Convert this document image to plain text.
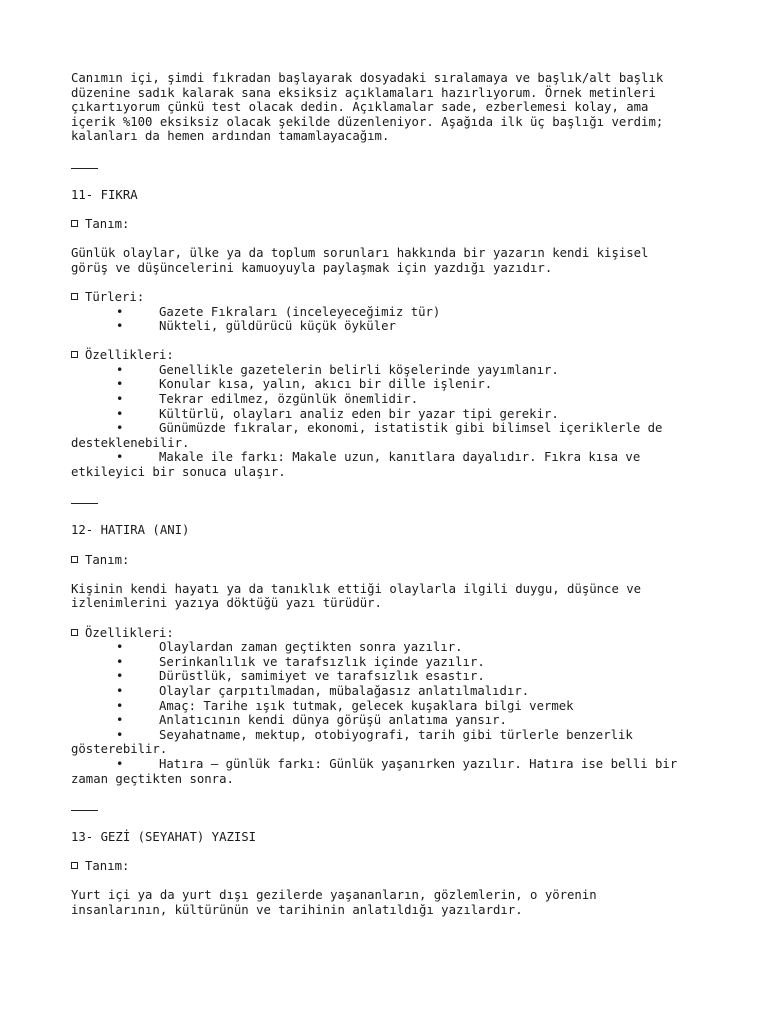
Canımın içi, şimdi fıkradan başlayarak dosyadaki sıralamaya ve başlık/alt başlık
düzenine sadık kalarak sana eksiksiz açıklamaları hazırlıyorum. Örnek metinleri
çıkartıyorum çünkü test olacak dedin. Açıklamalar sade, ezberlemesi kolay, ama
içerik %100 eksiksiz olacak şekilde düzenleniyor. Aşağıda ilk üç başlığı verdim;
kalanları da hemen ardından tamamlayacağım.
11- FIKRA
Tanım:
Günlük olaylar, ülke ya da toplum sorunları hakkında bir yazarın kendi kişisel
görüş ve düşüncelerini kamuoyuyla paylaşmak için yazdığı yazıdır.
Türleri:
•	Gazete Fıkraları (inceleyeceğimiz tür)
•	Nükteli, güldürücü küçük öyküler
Özellikleri:
•	Genellikle gazetelerin belirli köşelerinde yayımlanır.
•	Konular kısa, yalın, akıcı bir dille işlenir.
•	Tekrar edilmez, özgünlük önemlidir.
•	Kültürlü, olayları analiz eden bir yazar tipi gerekir.
•	Günümüzde fıkralar, ekonomi, istatistik gibi bilimsel içeriklerle de
desteklenebilir.
•	Makale ile farkı: Makale uzun, kanıtlara dayalıdır. Fıkra kısa ve
etkileyici bir sonuca ulaşır.
12- HATIRA (ANI)
Tanım:
Kişinin kendi hayatı ya da tanıklık ettiği olaylarla ilgili duygu, düşünce ve
izlenimlerini yazıya döktüğü yazı türüdür.
Özellikleri:
•	Olaylardan zaman geçtikten sonra yazılır.
•	Serinkanlılık ve tarafsızlık içinde yazılır.
•	Dürüstlük, samimiyet ve tarafsızlık esastır.
•	Olaylar çarpıtılmadan, mübalağasız anlatılmalıdır.
•	Amaç: Tarihe ışık tutmak, gelecek kuşaklara bilgi vermek
•	Anlatıcının kendi dünya görüşü anlatıma yansır.
•	Seyahatname, mektup, otobiyografi, tarih gibi türlerle benzerlik
gösterebilir.
•	Hatıra – günlük farkı: Günlük yaşanırken yazılır. Hatıra ise belli bir
zaman geçtikten sonra.
13- GEZİ (SEYAHAT) YAZISI
Tanım:
Yurt içi ya da yurt dışı gezilerde yaşananların, gözlemlerin, o yörenin
insanlarının, kültürünün ve tarihinin anlatıldığı yazılardır.
